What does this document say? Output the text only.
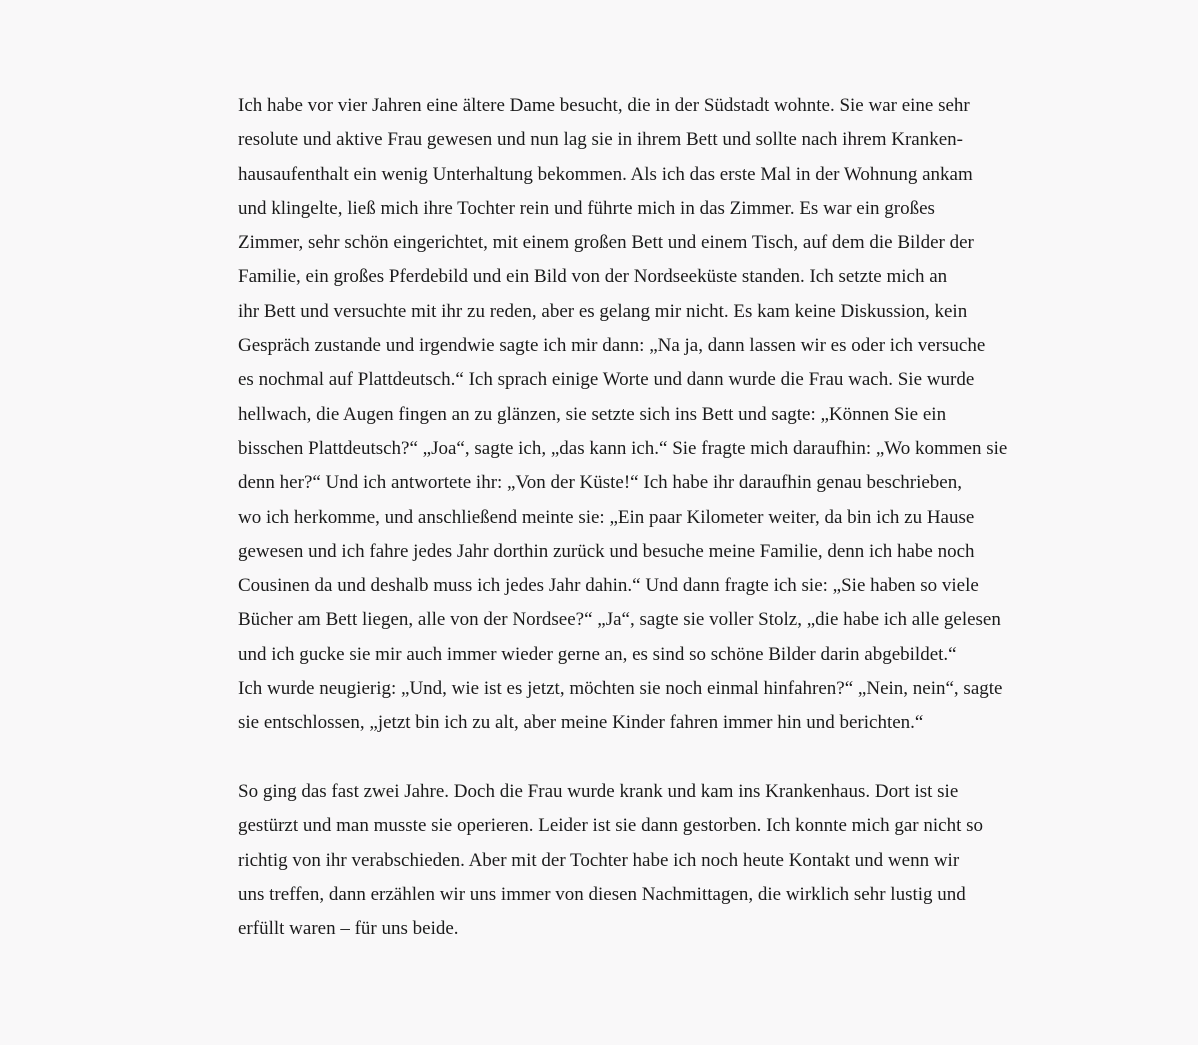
Ich habe vor vier Jahren eine ältere Dame besucht, die in der Südstadt wohnte. Sie war eine sehr
resolute und aktive Frau gewesen und nun lag sie in ihrem Bett und sollte nach ihrem Kranken-
hausaufenthalt ein wenig Unterhaltung bekommen. Als ich das erste Mal in der Wohnung ankam
und klingelte, ließ mich ihre Tochter rein und führte mich in das Zimmer. Es war ein großes
Zimmer, sehr schön eingerichtet, mit einem großen Bett und einem Tisch, auf dem die Bilder der
Familie, ein großes Pferdebild und ein Bild von der Nordseeküste standen. Ich setzte mich an
ihr Bett und versuchte mit ihr zu reden, aber es gelang mir nicht. Es kam keine Diskussion, kein
Gespräch zustande und irgendwie sagte ich mir dann: „Na ja, dann lassen wir es oder ich versuche
es nochmal auf Plattdeutsch.“ Ich sprach einige Worte und dann wurde die Frau wach. Sie wurde
hellwach, die Augen fingen an zu glänzen, sie setzte sich ins Bett und sagte: „Können Sie ein
bisschen Plattdeutsch?“ „Joa“, sagte ich, „das kann ich.“ Sie fragte mich daraufhin: „Wo kommen sie
denn her?“ Und ich antwortete ihr: „Von der Küste!“ Ich habe ihr daraufhin genau beschrieben,
wo ich herkomme, und anschließend meinte sie: „Ein paar Kilometer weiter, da bin ich zu Hause
gewesen und ich fahre jedes Jahr dorthin zurück und besuche meine Familie, denn ich habe noch
Cousinen da und deshalb muss ich jedes Jahr dahin.“ Und dann fragte ich sie: „Sie haben so viele
Bücher am Bett liegen, alle von der Nordsee?“ „Ja“, sagte sie voller Stolz, „die habe ich alle gelesen
und ich gucke sie mir auch immer wieder gerne an, es sind so schöne Bilder darin abgebildet.“
Ich wurde neugierig: „Und, wie ist es jetzt, möchten sie noch einmal hinfahren?“ „Nein, nein“, sagte
sie entschlossen, „jetzt bin ich zu alt, aber meine Kinder fahren immer hin und berichten.“
So ging das fast zwei Jahre. Doch die Frau wurde krank und kam ins Krankenhaus. Dort ist sie
gestürzt und man musste sie operieren. Leider ist sie dann gestorben. Ich konnte mich gar nicht so
richtig von ihr verabschieden. Aber mit der Tochter habe ich noch heute Kontakt und wenn wir
uns treffen, dann erzählen wir uns immer von diesen Nachmittagen, die wirklich sehr lustig und
erfüllt waren – für uns beide.
